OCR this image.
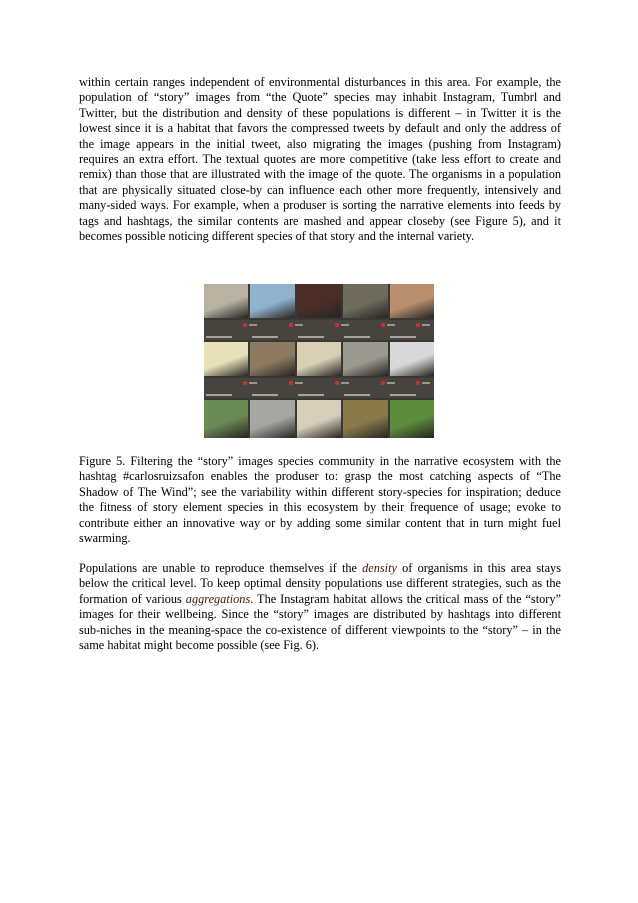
within certain ranges independent of environmental disturbances in this area. For example, the population of “story” images from “the Quote” species may inhabit Instagram, Tumbrl and Twitter, but the distribution and density of these populations is different – in Twitter it is the lowest since it is a habitat that favors the compressed tweets by default and only the address of the image appears in the initial tweet, also migrating the images (pushing from Instagram) requires an extra effort. The textual quotes are more competitive (take less effort to create and remix) than those that are illustrated with the image of the quote. The organisms in a population that are physically situated close-by can influence each other more frequently, intensively and many-sided ways. For example, when a produser is sorting the narrative elements into feeds by tags and hashtags, the similar contents are mashed and appear closeby (see Figure 5), and it becomes possible noticing different species of that story and the internal variety.

Figure 5. Filtering the “story” images species community in the narrative ecosystem with the hashtag #carlosruizsafon enables the produser to: grasp the most catching aspects of “The Shadow of The Wind”; see the variability within different story-species for inspiration; deduce the fitness of story element species in this ecosystem by their frequence of usage; evoke to contribute either an innovative way or by adding some similar content that in turn might fuel swarming.

Populations are unable to reproduce themselves if the density of organisms in this area stays below the critical level. To keep optimal density populations use different strategies, such as the formation of various aggregations. The Instagram habitat allows the critical mass of the “story” images for their wellbeing. Since the “story” images are distributed by hashtags into different sub-niches in the meaning-space the co-existence of different viewpoints to the “story” – in the same habitat might become possible (see Fig. 6).
